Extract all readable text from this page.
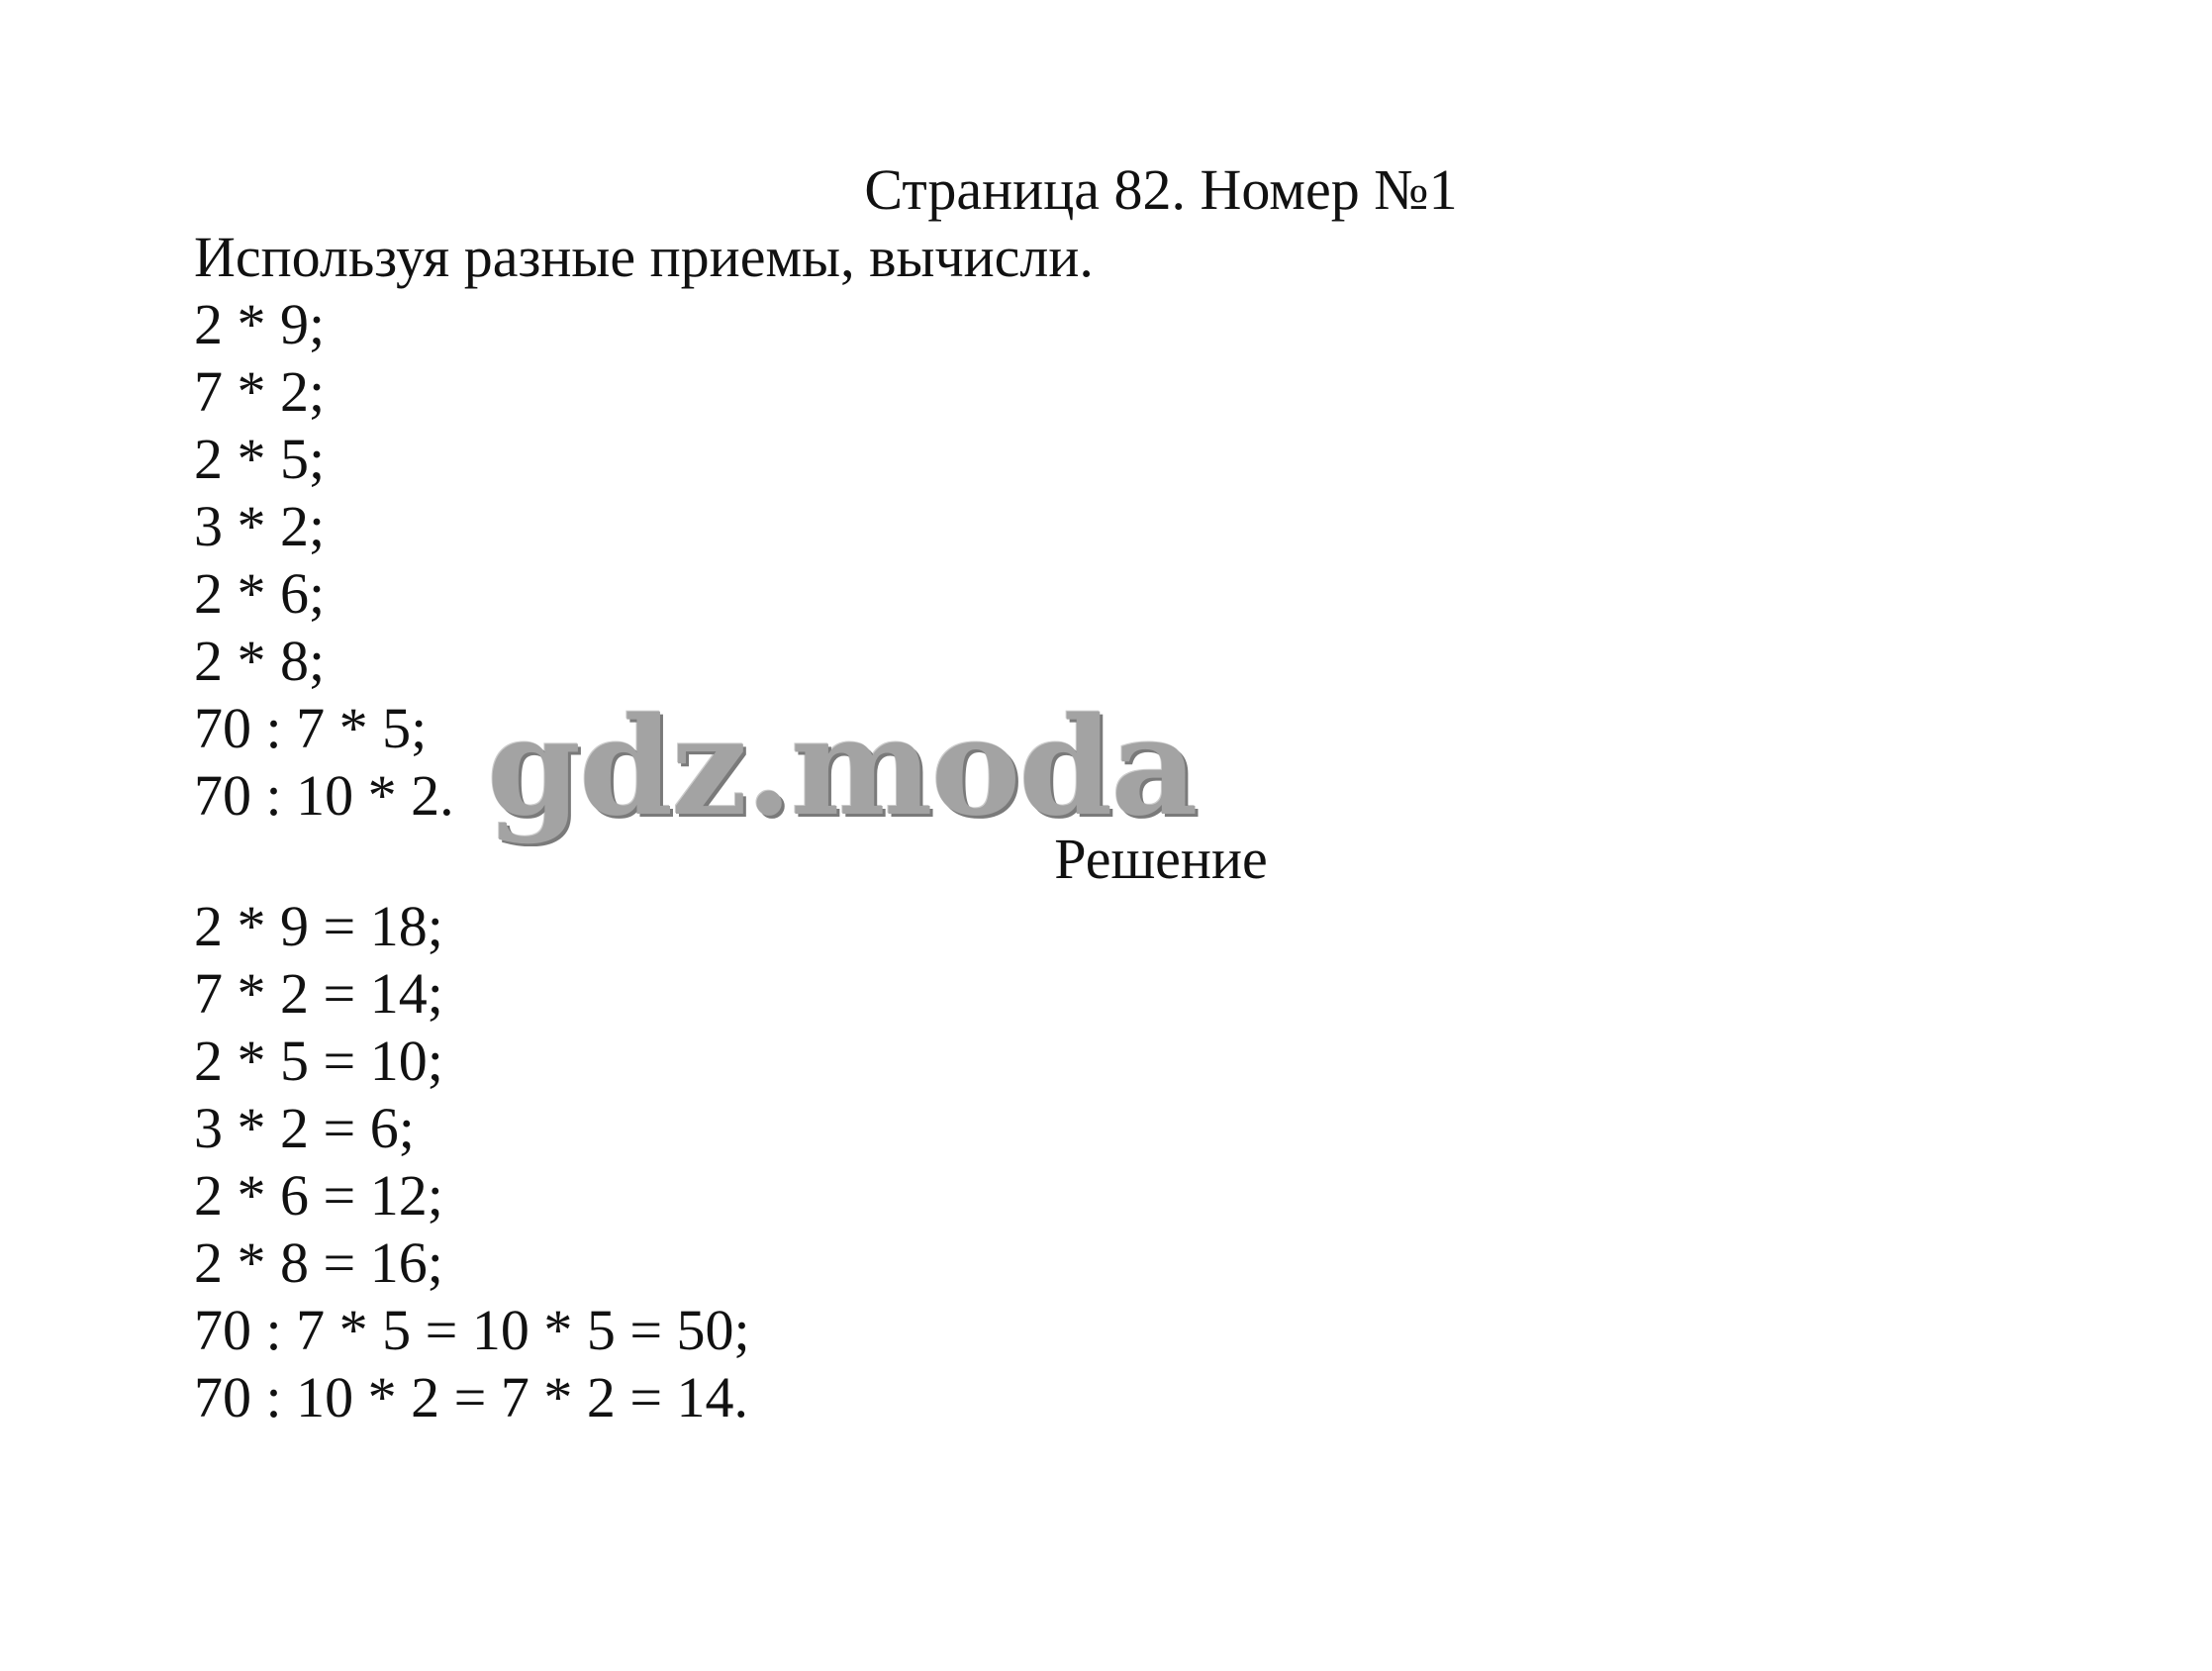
Страница 82. Номер №1
Используя разные приемы, вычисли.
2 * 9;
7 * 2;
2 * 5;
3 * 2;
2 * 6;
2 * 8;
70 : 7 * 5;
70 : 10 * 2. gdz.moda
Решение
2 * 9 = 18;
7 * 2 = 14;
2 * 5 = 10;
3 * 2 = 6;
2 * 6 = 12;
2 * 8 = 16;
70 : 7 * 5 = 10 * 5 = 50;
70 : 10 * 2 = 7 * 2 = 14.
